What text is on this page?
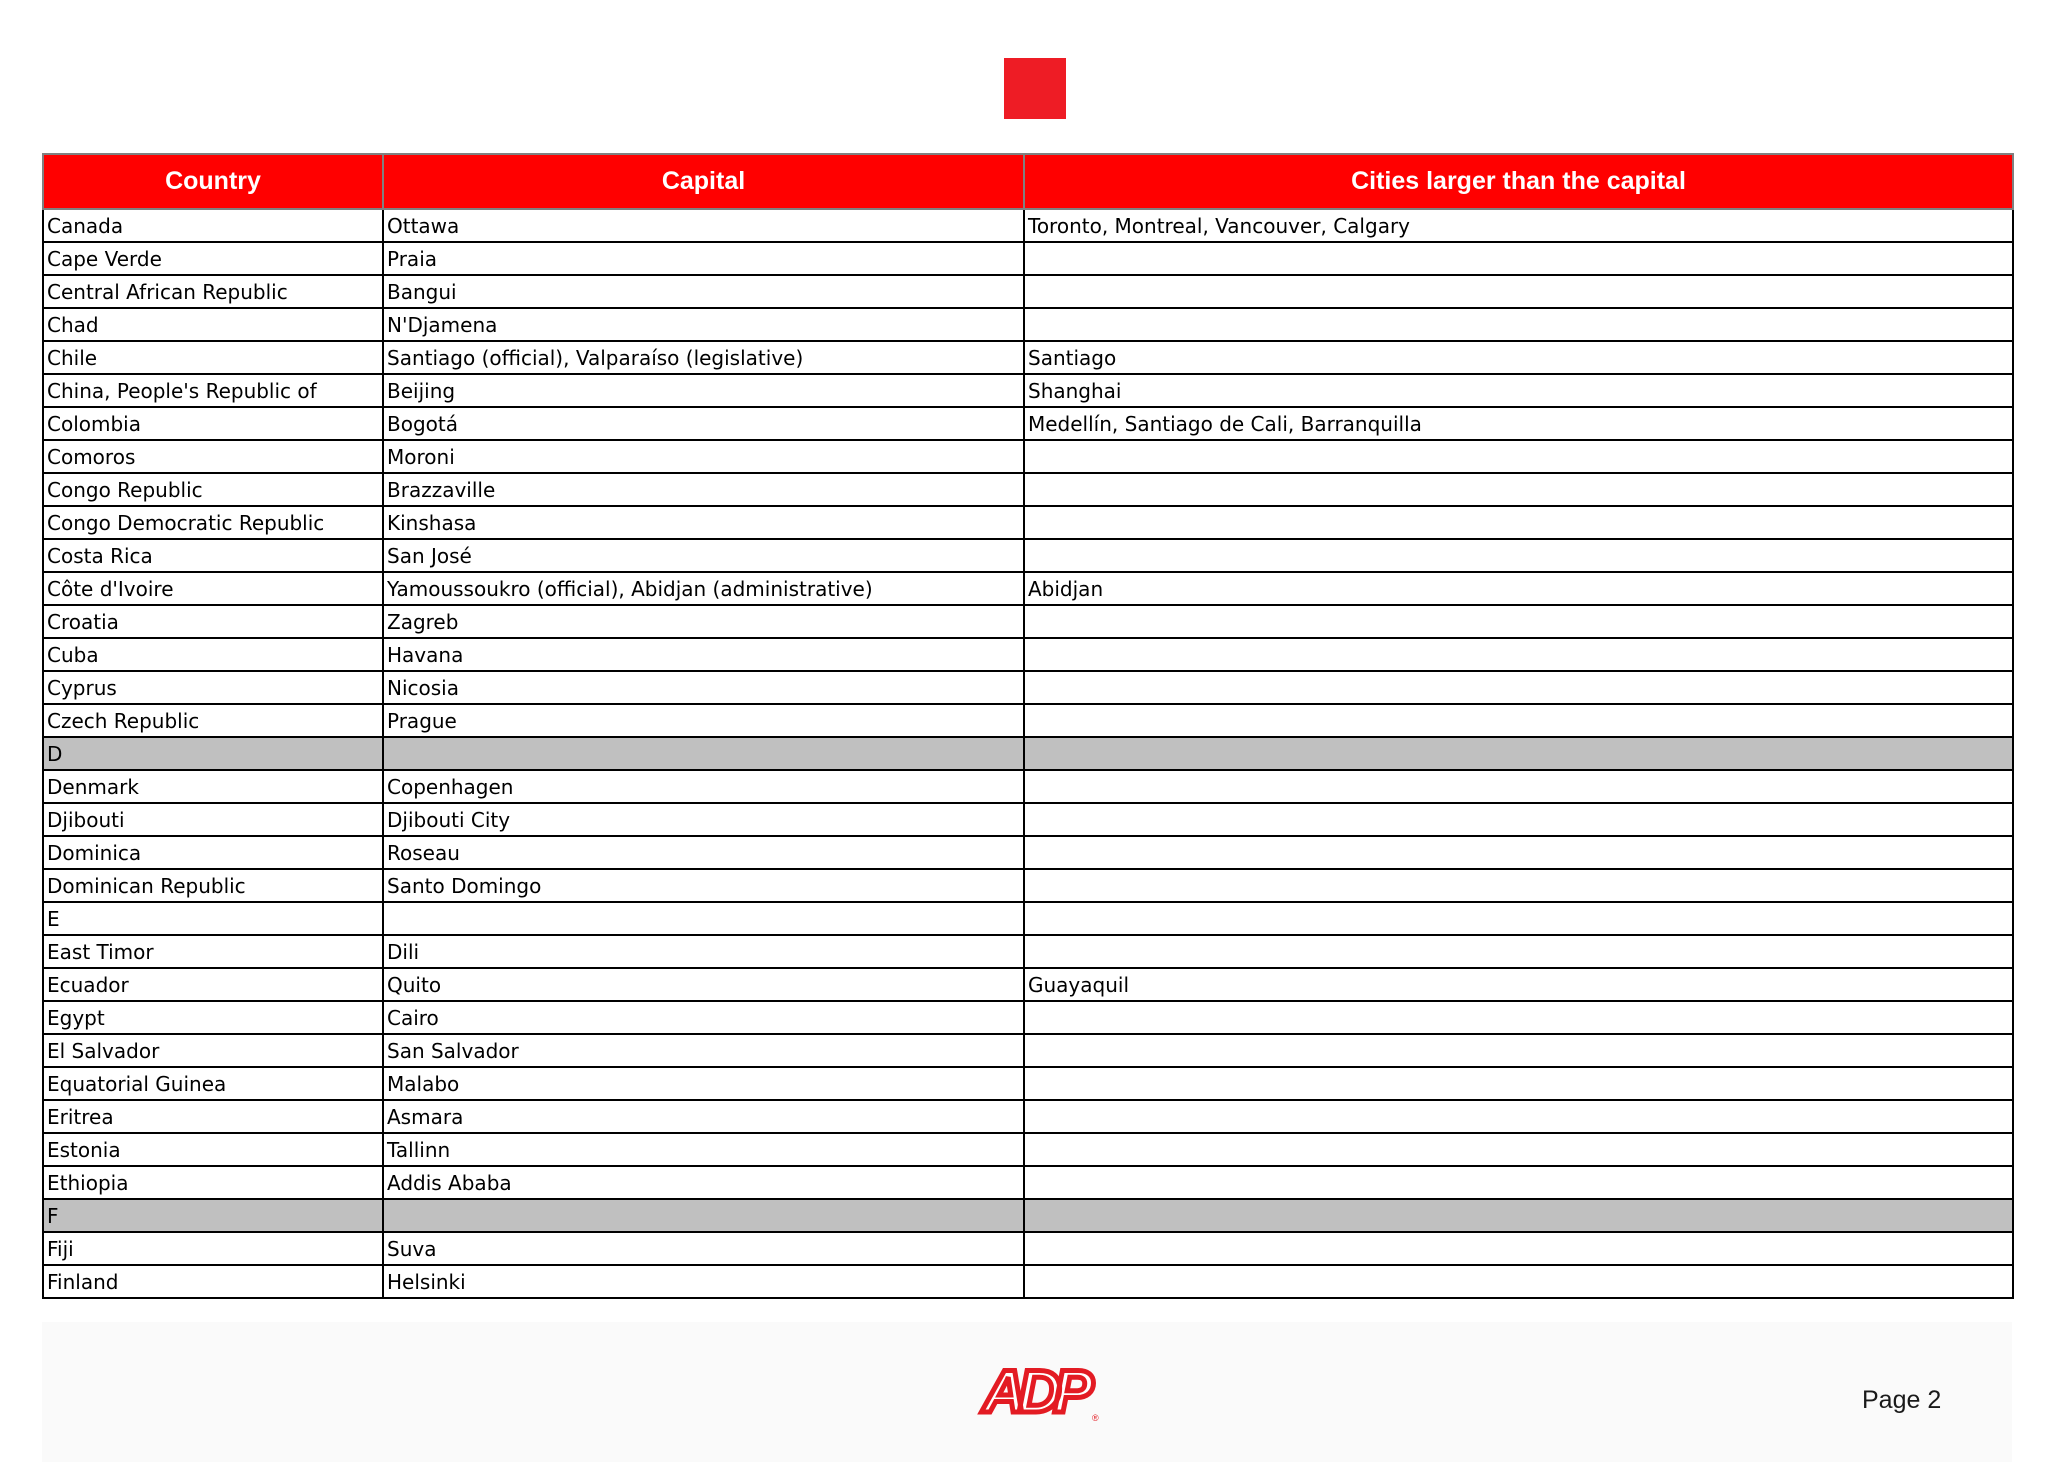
Country	Capital	Cities larger than the capital
Canada	Ottawa	Toronto, Montreal, Vancouver, Calgary
Cape Verde	Praia	
Central African Republic	Bangui	
Chad	N'Djamena	
Chile	Santiago (official), Valparaíso (legislative)	Santiago
China, People's Republic of	Beijing	Shanghai
Colombia	Bogotá	Medellín, Santiago de Cali, Barranquilla
Comoros	Moroni	
Congo Republic	Brazzaville	
Congo Democratic Republic	Kinshasa	
Costa Rica	San José	
Côte d'Ivoire	Yamoussoukro (official), Abidjan (administrative)	Abidjan
Croatia	Zagreb	
Cuba	Havana	
Cyprus	Nicosia	
Czech Republic	Prague	
D		
Denmark	Copenhagen	
Djibouti	Djibouti City	
Dominica	Roseau	
Dominican Republic	Santo Domingo	
E		
East Timor	Dili	
Ecuador	Quito	Guayaquil
Egypt	Cairo	
El Salvador	San Salvador	
Equatorial Guinea	Malabo	
Eritrea	Asmara	
Estonia	Tallinn	
Ethiopia	Addis Ababa	
F		
Fiji	Suva	
Finland	Helsinki	
ADP ®
Page 2
